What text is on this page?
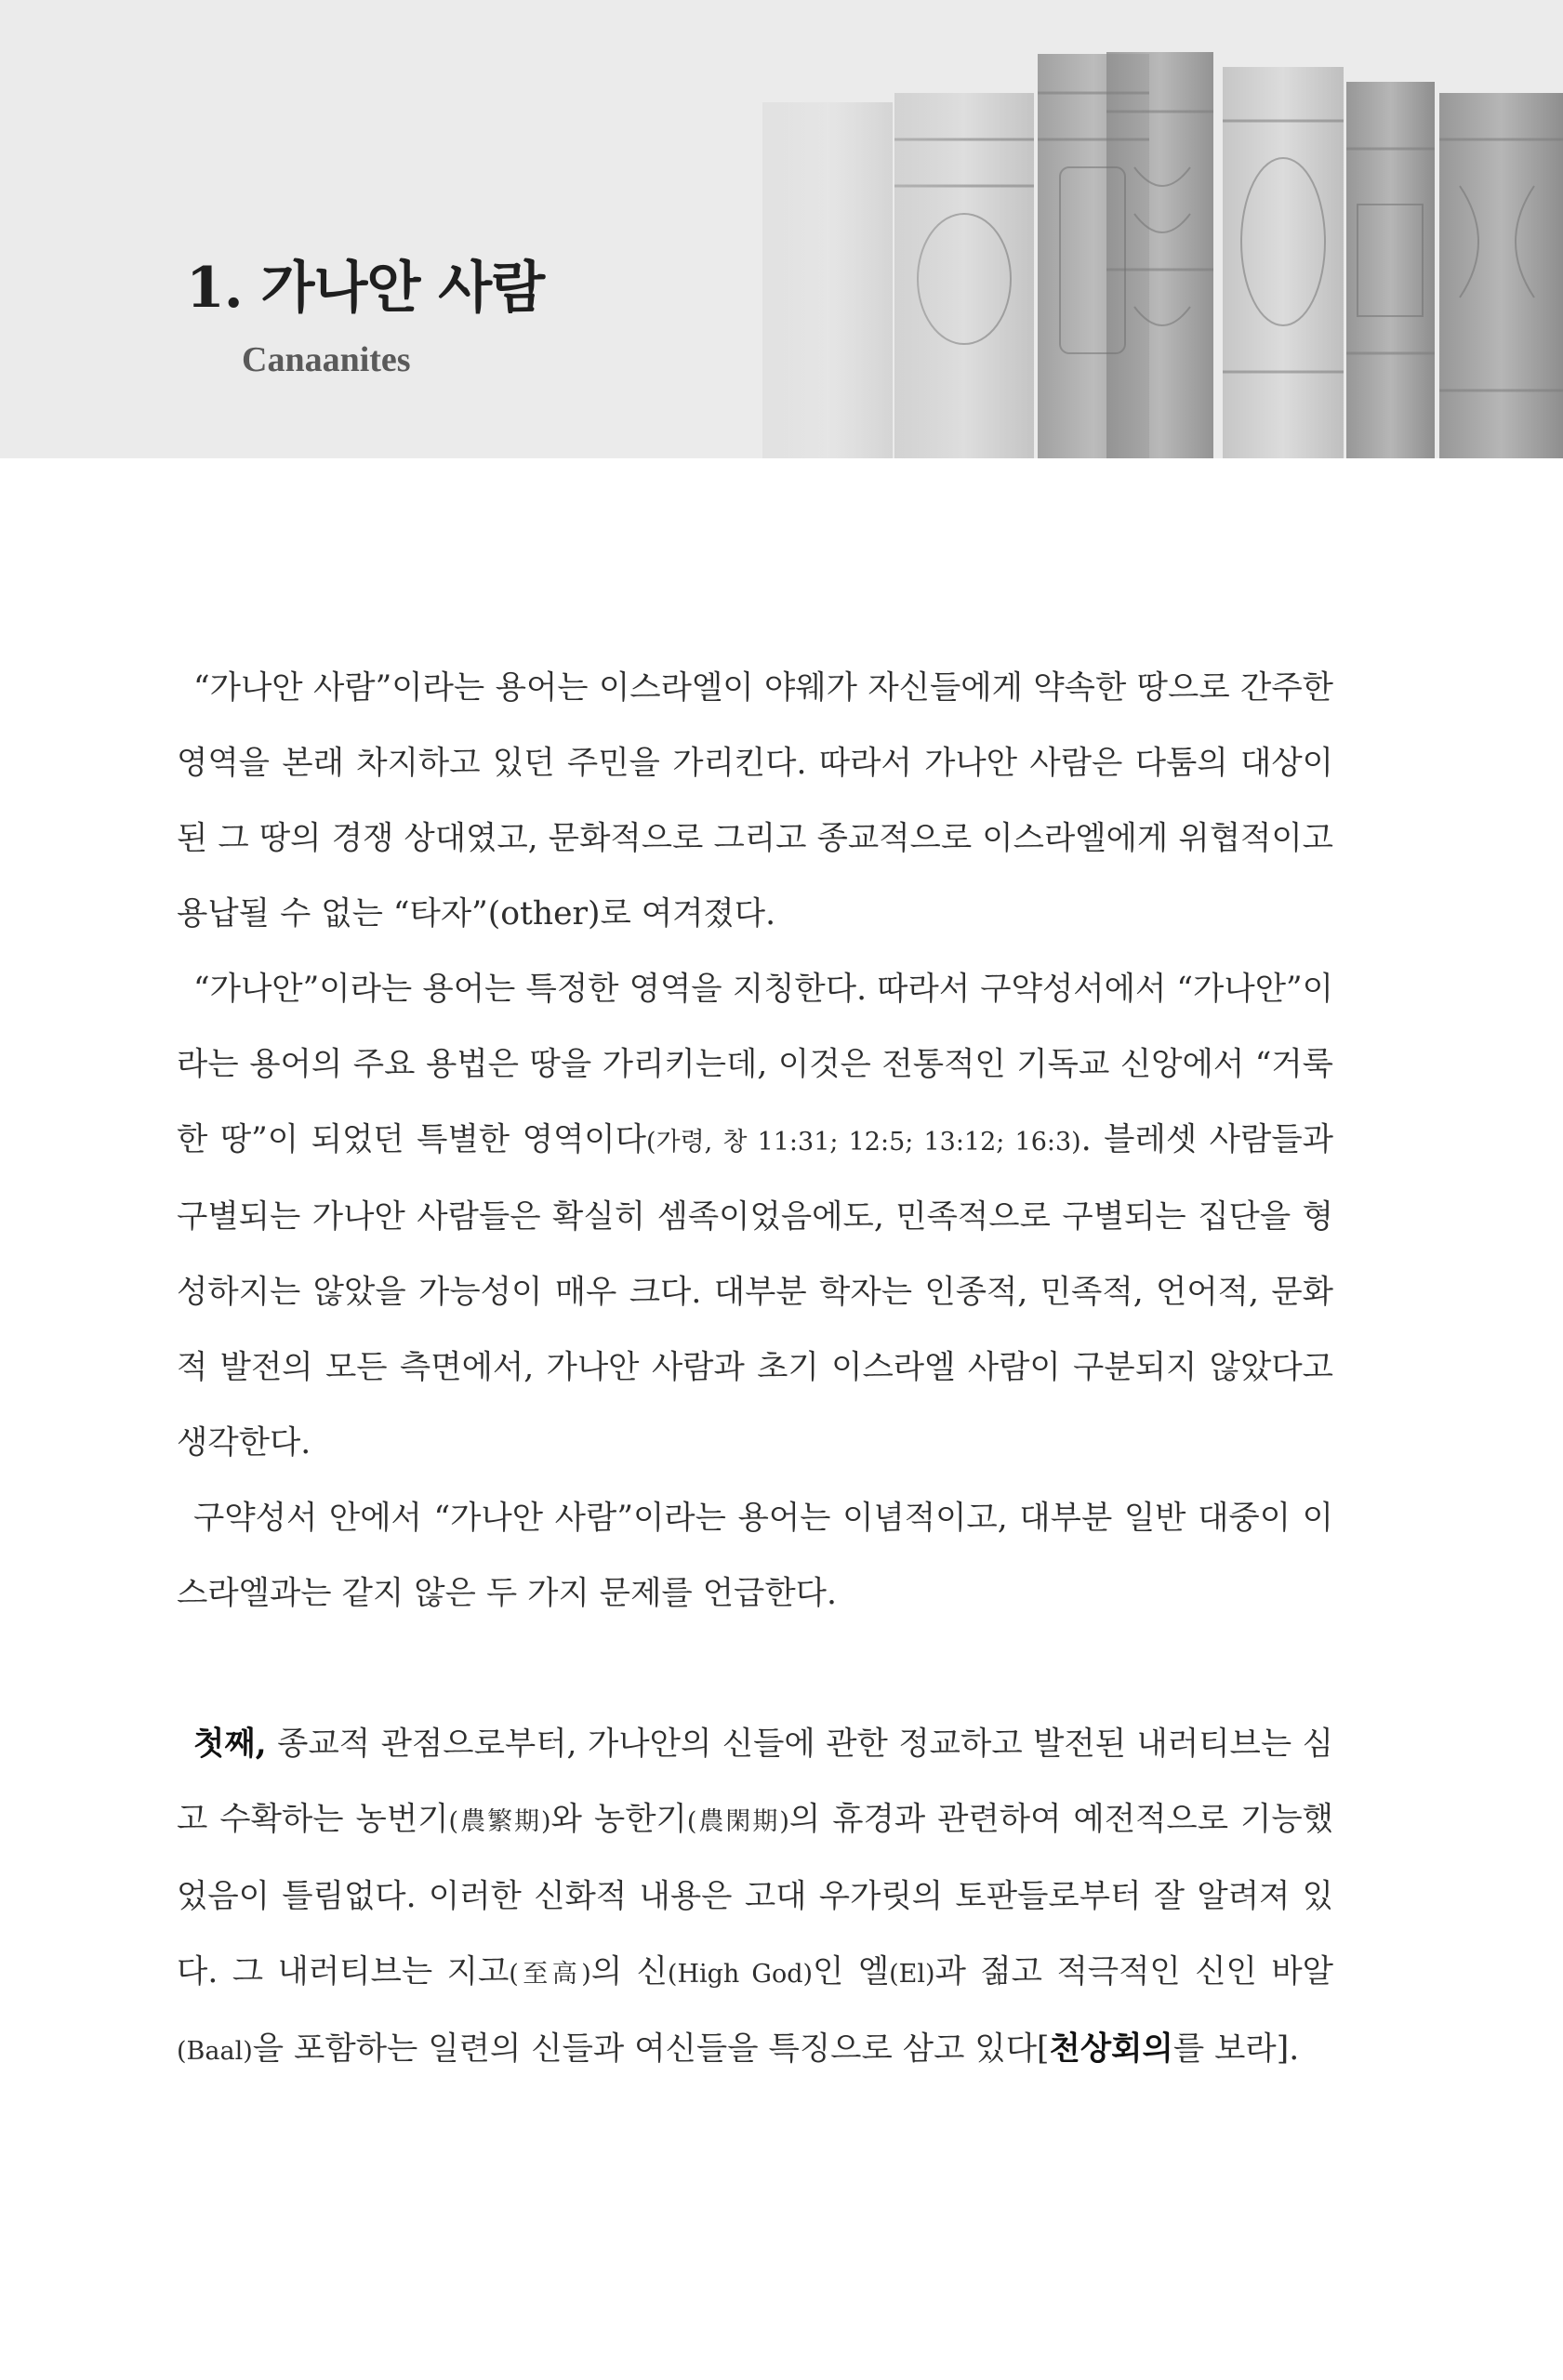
1. 가나안 사람
Canaanites

“가나안 사람”이라는 용어는 이스라엘이 야웨가 자신들에게 약속한 땅으로 간주한 영역을 본래 차지하고 있던 주민을 가리킨다. 따라서 가나안 사람은 다툼의 대상이 된 그 땅의 경쟁 상대였고, 문화적으로 그리고 종교적으로 이스라엘에게 위협적이고 용납될 수 없는 “타자”(other)로 여겨졌다.

“가나안”이라는 용어는 특정한 영역을 지칭한다. 따라서 구약성서에서 “가나안”이라는 용어의 주요 용법은 땅을 가리키는데, 이것은 전통적인 기독교 신앙에서 “거룩한 땅”이 되었던 특별한 영역이다(가령, 창 11:31; 12:5; 13:12; 16:3). 블레셋 사람들과 구별되는 가나안 사람들은 확실히 셈족이었음에도, 민족적으로 구별되는 집단을 형성하지는 않았을 가능성이 매우 크다. 대부분 학자는 인종적, 민족적, 언어적, 문화적 발전의 모든 측면에서, 가나안 사람과 초기 이스라엘 사람이 구분되지 않았다고 생각한다.

구약성서 안에서 “가나안 사람”이라는 용어는 이념적이고, 대부분 일반 대중이 이스라엘과는 같지 않은 두 가지 문제를 언급한다.

첫째, 종교적 관점으로부터, 가나안의 신들에 관한 정교하고 발전된 내러티브는 심고 수확하는 농번기(農繁期)와 농한기(農閑期)의 휴경과 관련하여 예전적으로 기능했었음이 틀림없다. 이러한 신화적 내용은 고대 우가릿의 토판들로부터 잘 알려져 있다. 그 내러티브는 지고(至高)의 신(High God)인 엘(El)과 젊고 적극적인 신인 바알(Baal)을 포함하는 일련의 신들과 여신들을 특징으로 삼고 있다[천상회의를 보라].
